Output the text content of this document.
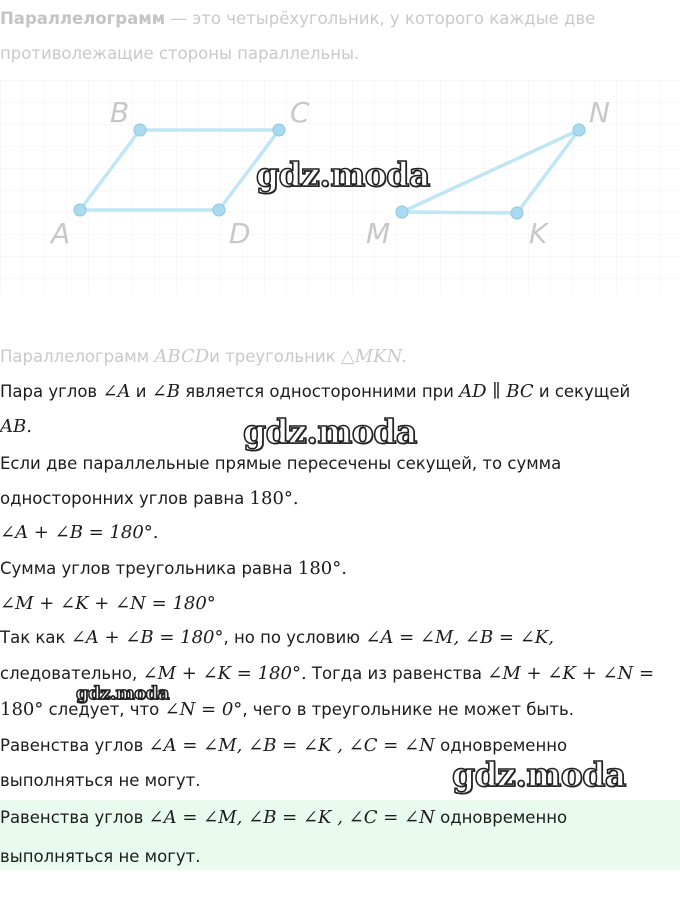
Параллелограмм — это четырёхугольник, у которого каждые две

противолежащие стороны параллельны.

B	C
A	D
N
M	K
gdz.moda
gdz.moda
gdz.moda
gdz.moda

Параллелограмм ABCDи треугольник △MKN.

Пара углов ∠A и ∠B является односторонними при AD ∥ BC и секущей

AB.

Если две параллельные прямые пересечены секущей, то сумма

односторонних углов равна 180°.

∠A + ∠B = 180°.

Сумма углов треугольника равна 180°.

∠M + ∠K + ∠N = 180°

Так как ∠A + ∠B = 180°, но по условию ∠A = ∠M, ∠B = ∠K,

следовательно, ∠M + ∠K = 180°. Тогда из равенства ∠M + ∠K + ∠N =

180° следует, что ∠N = 0°, чего в треугольнике не может быть.

Равенства углов ∠A = ∠M, ∠B = ∠K , ∠C = ∠N одновременно

выполняться не могут.

Равенства углов ∠A = ∠M, ∠B = ∠K , ∠C = ∠N одновременно

выполняться не могут.
